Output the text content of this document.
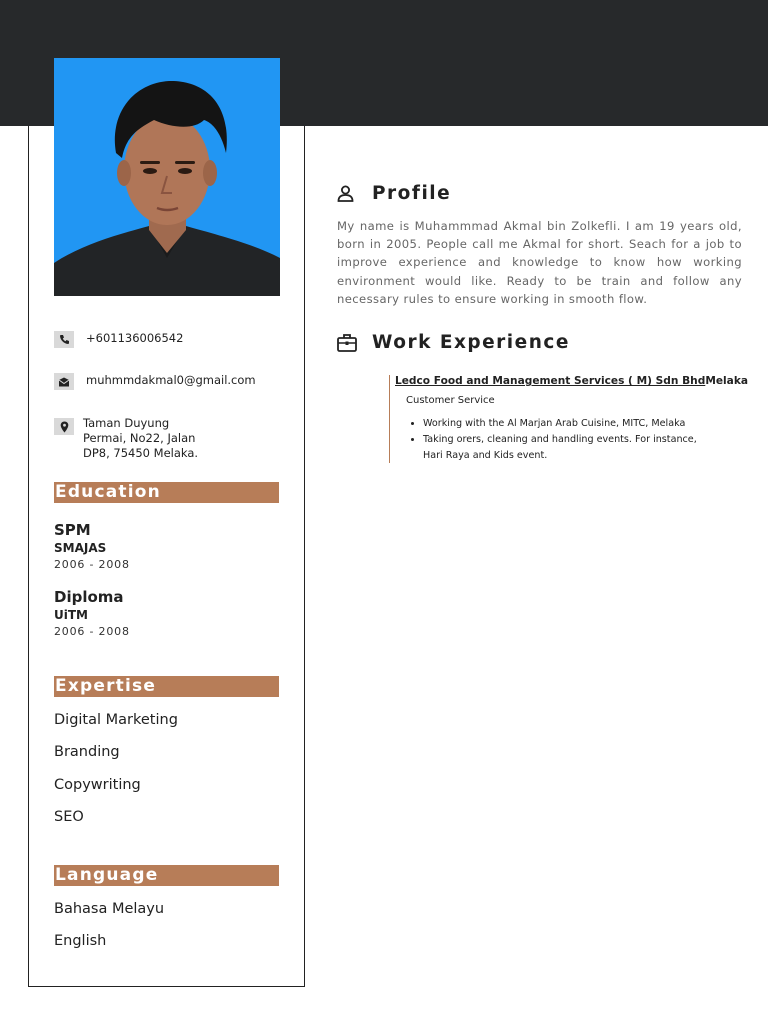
+601136006542
muhmmdakmal0@gmail.com
Taman Duyung
Permai, No22, Jalan
DP8, 75450 Melaka.
Education
SPM
SMAJAS
2006 - 2008
Diploma
UiTM
2006 - 2008
Expertise
Digital Marketing
Branding
Copywriting
SEO
Language
Bahasa Melayu
English
Profile
My name is Muhammmad Akmal bin Zolkefli. I am 19 years old, born in 2005. People call me Akmal for short. Seach for a job to improve experience and knowledge to know how working environment would like. Ready to be train and follow any necessary rules to ensure working in smooth flow.
Work Experience
Ledco Food and Management Services ( M) Sdn BhdMelaka
Customer Service
• Working with the Al Marjan Arab Cuisine, MITC, Melaka
• Taking orers, cleaning and handling events. For instance, Hari Raya and Kids event.
